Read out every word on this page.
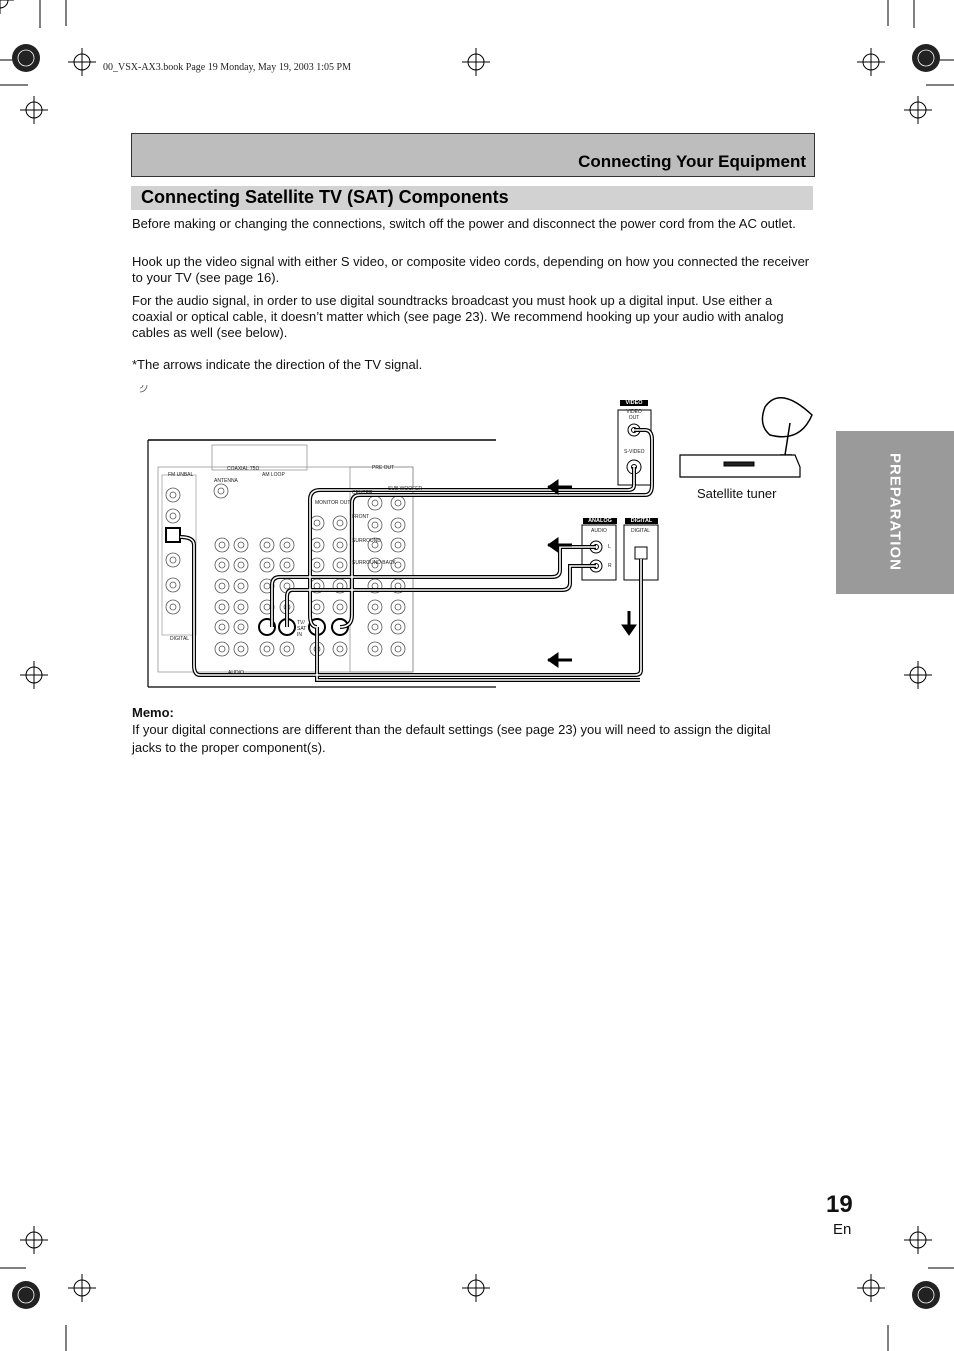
00_VSX-AX3.book Page 19 Monday, May 19, 2003 1:05 PM
Connecting Your Equipment
Connecting Satellite TV (SAT) Components
Before making or changing the connections, switch off the power and disconnect the power cord from the AC outlet.
Hook up the video signal with either S video, or composite video cords, depending on how you connected the receiver to your TV (see page 16).
For the audio signal, in order to use digital soundtracks broadcast you must hook up a digital input. Use either a coaxial or optical cable, it doesn’t matter which (see page 23). We recommend hooking up your audio with analog cables as well (see below).
*The arrows indicate the direction of the TV signal.
VIDEO
VIDEO OUT
S-VIDEO
ANALOG
AUDIO
L
R
DIGITAL
DIGITAL
COAXIAL 75Ω
ANTENNA
AM LOOP
FM UNBAL
PRE OUT
DIGITAL
TV/ SAT IN
AUDIO
MONITOR OUT
FRONT
CENTER
SURROUND
SUB WOOFER
SURROUND BACK
Satellite tuner
Memo:
If your digital connections are different than the default settings (see page 23) you will need to assign the digital jacks to the proper component(s).
PREPARATION
19
En
